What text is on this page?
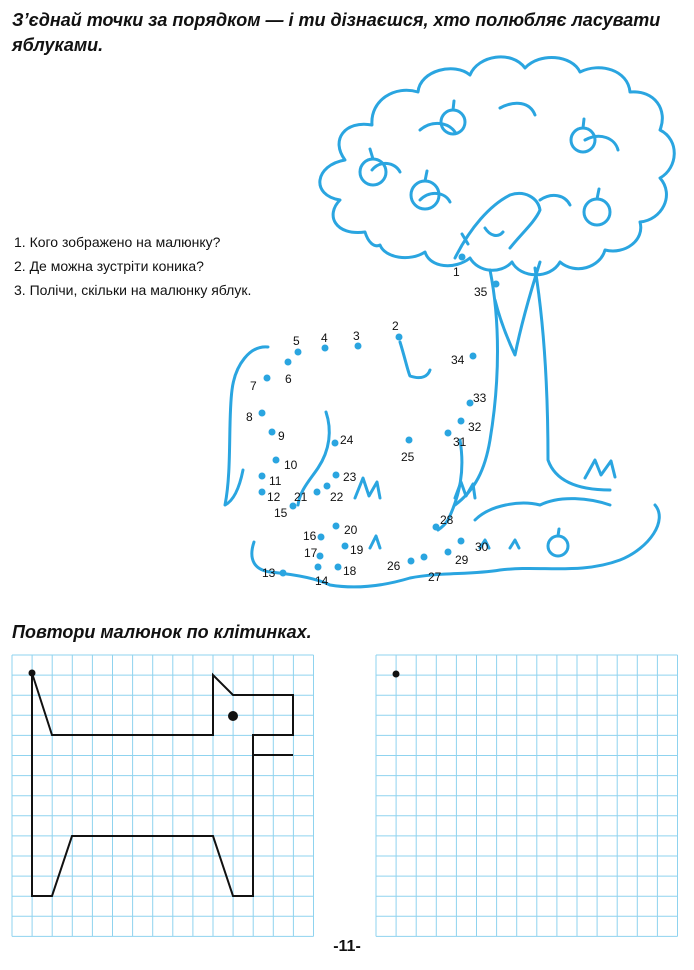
З’єднай точки за порядком — і ти дізнаєшся, хто полюбляє ласувати яблуками.
1. Кого зображено на малюнку?
2. Де можна зустріти коника?
3. Полічи, скільки на малюнку яблук.
1
2
3
4
5
6
7
8
9
10
11
12
13
14
15
16
17
18
19
20
21 22
23
24
25
26
27
28
29
30
31
32
33
34
35
Повтори малюнок по клітинках.
-11-
